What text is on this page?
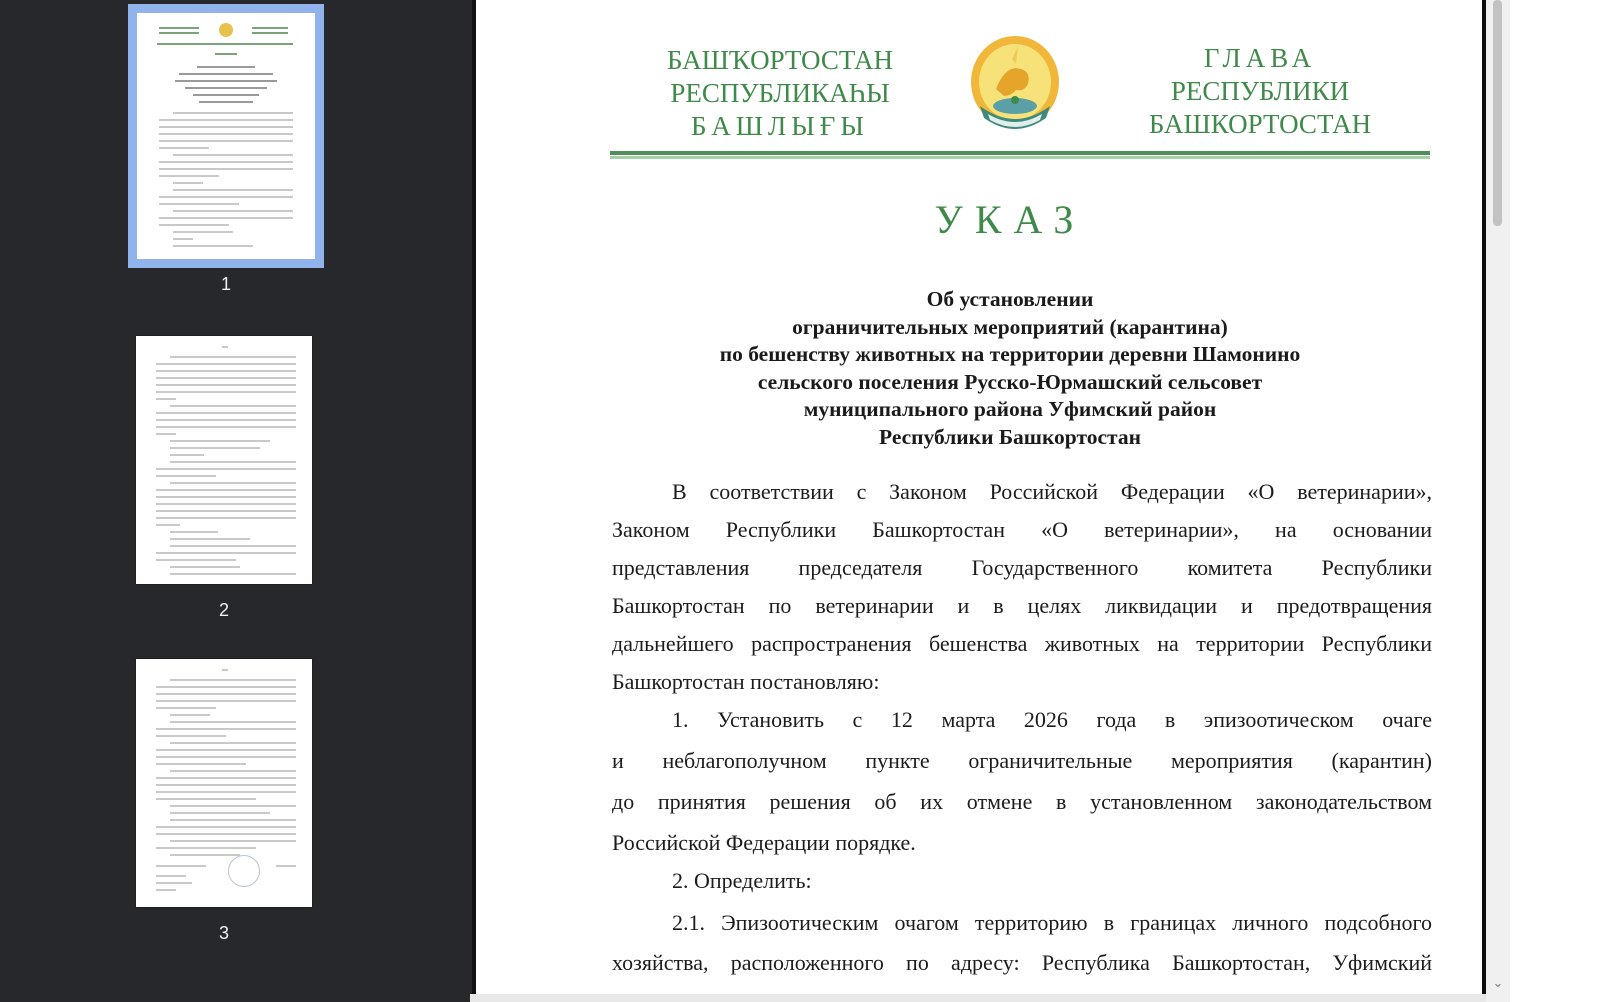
1
2
3
БАШҠОРТОСТАН
РЕСПУБЛИКАҺЫ
БАШЛЫҒЫ
ГЛАВА
РЕСПУБЛИКИ
БАШКОРТОСТАН
УКАЗ
Об установлении
ограничительных мероприятий (карантина)
по бешенству животных на территории деревни Шамонино
сельского поселения Русско-Юрмашский сельсовет
муниципального района Уфимский район
Республики Башкортостан
В соответствии с Законом Российской Федерации «О ветеринарии»,
Законом Республики Башкортостан «О ветеринарии», на основании
представления председателя Государственного комитета Республики
Башкортостан по ветеринарии и в целях ликвидации и предотвращения
дальнейшего распространения бешенства животных на территории Республики
Башкортостан постановляю:
1. Установить с 12 марта 2026 года в эпизоотическом очаге
и неблагополучном пункте ограничительные мероприятия (карантин)
до принятия решения об их отмене в установленном законодательством
Российской Федерации порядке.
2. Определить:
2.1. Эпизоотическим очагом территорию в границах личного подсобного
хозяйства, расположенного по адресу: Республика Башкортостан, Уфимский
⌄
